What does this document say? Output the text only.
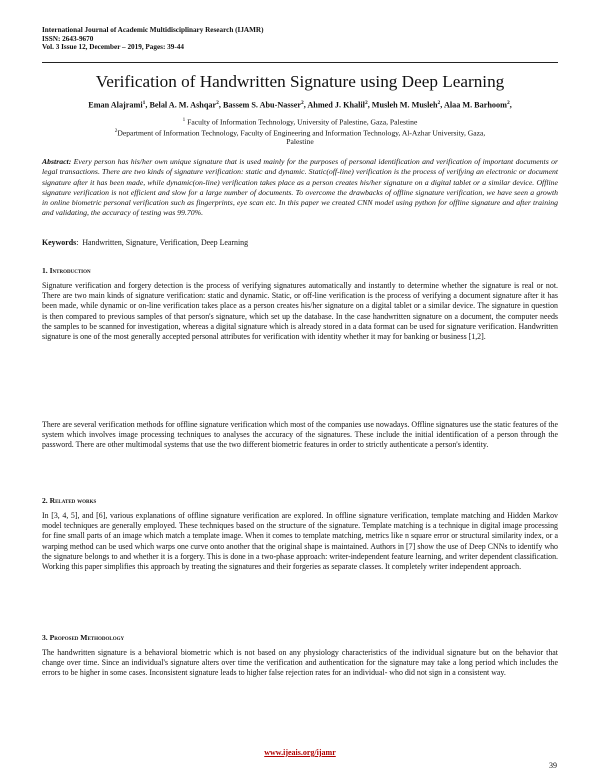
International Journal of Academic Multidisciplinary Research (IJAMR)
ISSN: 2643-9670
Vol. 3 Issue 12, December – 2019, Pages: 39-44
Verification of Handwritten Signature using Deep Learning
Eman Alajrami$^1$, Belal A. M. Ashqar$^2$, Bassem S. Abu-Nasser$^2$, Ahmed J. Khalil$^2$, Musleh M. Musleh$^2$, Alaa M. Barhoom$^2$,
$^1$ Faculty of Information Technology, University of Palestine, Gaza, Palestine
$^2$Department of Information Technology, Faculty of Engineering and Information Technology, Al-Azhar University, Gaza,
Palestine
Abstract: Every person has his/her own unique signature that is used mainly for the purposes of personal identification and verification of important documents or legal transactions. There are two kinds of signature verification: static and dynamic. Static(off-line) verification is the process of verifying an electronic or document signature after it has been made, while dynamic(on-line) verification takes place as a person creates his/her signature on a digital tablet or a similar device. Offline signature verification is not efficient and slow for a large number of documents. To overcome the drawbacks of offline signature verification, we have seen a growth in online biometric personal verification such as fingerprints, eye scan etc. In this paper we created CNN model using python for offline signature and after training and validating, the accuracy of testing was 99.70%.
Keywords:  Handwritten, Signature, Verification, Deep Learning
1. Introduction
Signature verification and forgery detection is the process of verifying signatures automatically and instantly to determine whether the signature is real or not. There are two main kinds of signature verification: static and dynamic. Static, or off-line verification is the process of verifying a document signature after it has been made, while dynamic or on-line verification takes place as a person creates his/her signature on a digital tablet or a similar device. The signature in question is then compared to previous samples of that person's signature, which set up the database. In the case handwritten signature on a document, the computer needs the samples to be scanned for investigation, whereas a digital signature which is already stored in a data format can be used for signature verification. Handwritten signature is one of the most generally accepted personal attributes for verification with identity whether it may for banking or business [1,2].
There are several verification methods for offline signature verification which most of the companies use nowadays. Offline signatures use the static features of the system which involves image processing techniques to analyses the accuracy of the signatures. These include the initial identification of a person through the password. There are other multimodal systems that use the two different biometric features in order to strictly authenticate a person's identity.
2. Related works
In [3, 4, 5], and [6], various explanations of offline signature verification are explored. In offline signature verification, template matching and Hidden Markov model techniques are generally employed. These techniques based on the structure of the signature. Template matching is a technique in digital image processing for fine small parts of an image which match a template image. When it comes to template matching, metrics like n square error or structural similarity index, or a warping method can be used which warps one curve onto another that the original shape is maintained. Authors in [7] show the use of Deep CNNs to identify who the signature belongs to and whether it is a forgery. This is done in a two-phase approach: writer-independent feature learning, and writer dependent classification. Working this paper simplifies this approach by treating the signatures and their forgeries as separate classes. It completely writer independent approach.
3. Proposed Methodology
The handwritten signature is a behavioral biometric which is not based on any physiology characteristics of the individual signature but on the behavior that change over time. Since an individual's signature alters over time the verification and authentication for the signature may take a long period which includes the errors to be higher in some cases. Inconsistent signature leads to higher false rejection rates for an individual- who did not sign in a consistent way.
www.ijeais.org/ijamr
39
